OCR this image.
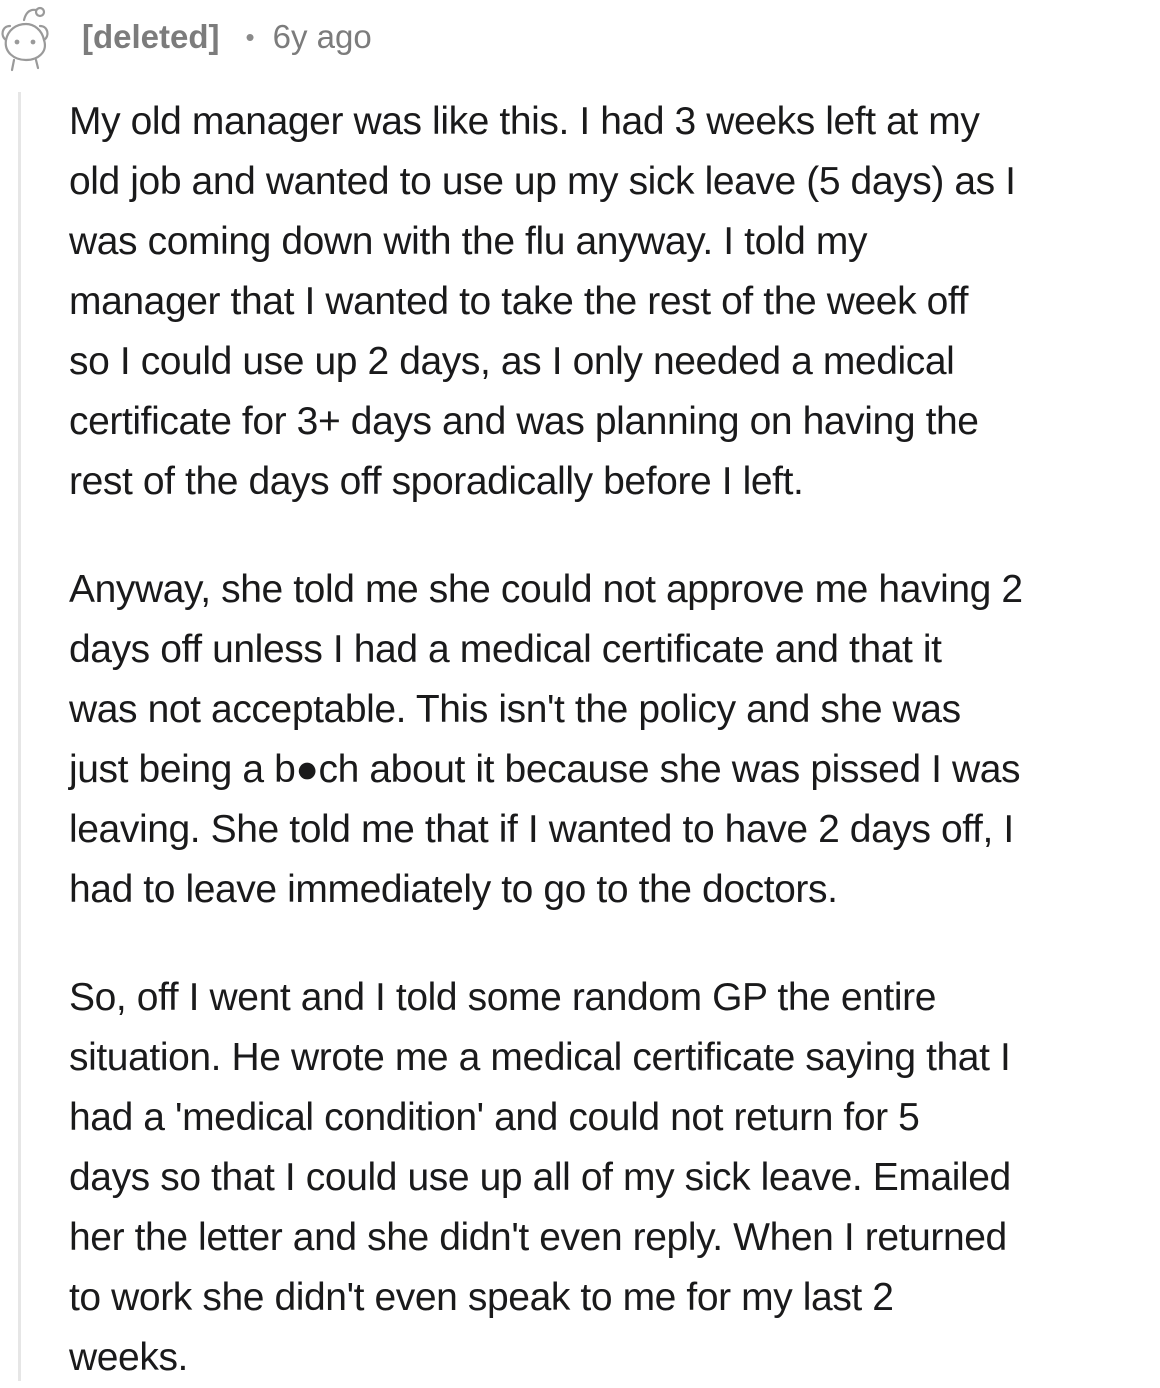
[deleted] • 6y ago

My old manager was like this. I had 3 weeks left at my
old job and wanted to use up my sick leave (5 days) as I
was coming down with the flu anyway. I told my
manager that I wanted to take the rest of the week off
so I could use up 2 days, as I only needed a medical
certificate for 3+ days and was planning on having the
rest of the days off sporadically before I left.

Anyway, she told me she could not approve me having 2
days off unless I had a medical certificate and that it
was not acceptable. This isn't the policy and she was
just being a b●ch about it because she was pissed I was
leaving. She told me that if I wanted to have 2 days off, I
had to leave immediately to go to the doctors.

So, off I went and I told some random GP the entire
situation. He wrote me a medical certificate saying that I
had a 'medical condition' and could not return for 5
days so that I could use up all of my sick leave. Emailed
her the letter and she didn't even reply. When I returned
to work she didn't even speak to me for my last 2
weeks.
